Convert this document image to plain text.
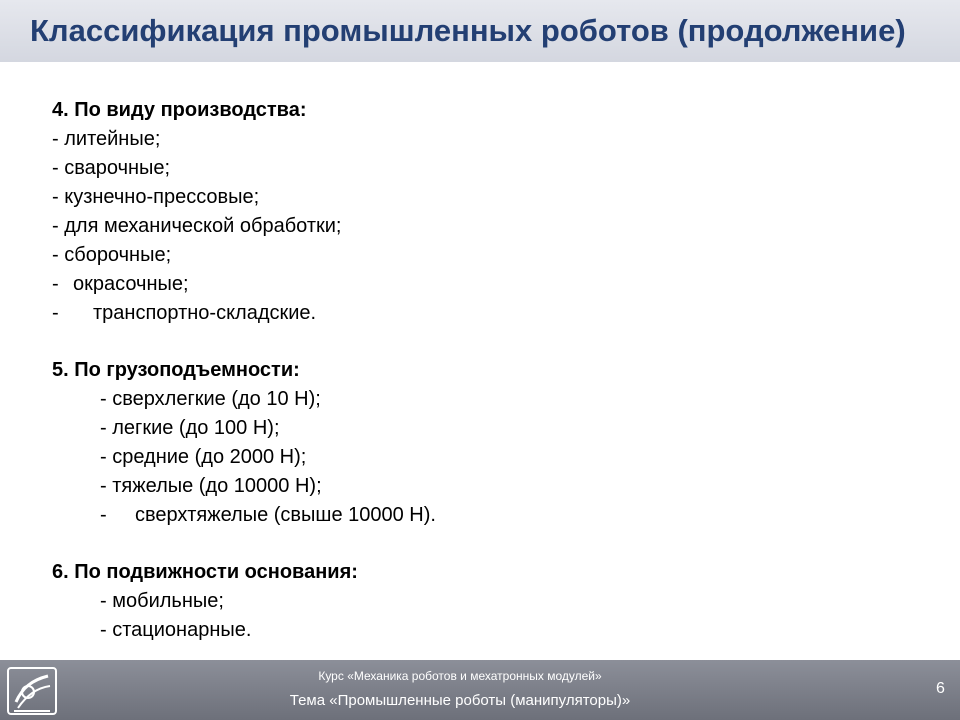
Классификация промышленных роботов (продолжение)
4. По виду производства:
- литейные;
- сварочные;
- кузнечно-прессовые;
- для механической обработки;
- сборочные;
- окрасочные;
- транспортно-складские.
5. По грузоподъемности:
- сверхлегкие (до 10 Н);
- легкие (до 100 Н);
- средние (до 2000 Н);
- тяжелые (до 10000 Н);
- сверхтяжелые (свыше 10000 Н).
6. По подвижности основания:
- мобильные;
- стационарные.
Курс «Механика роботов и мехатронных модулей»
Тема «Промышленные роботы (манипуляторы)»
6
